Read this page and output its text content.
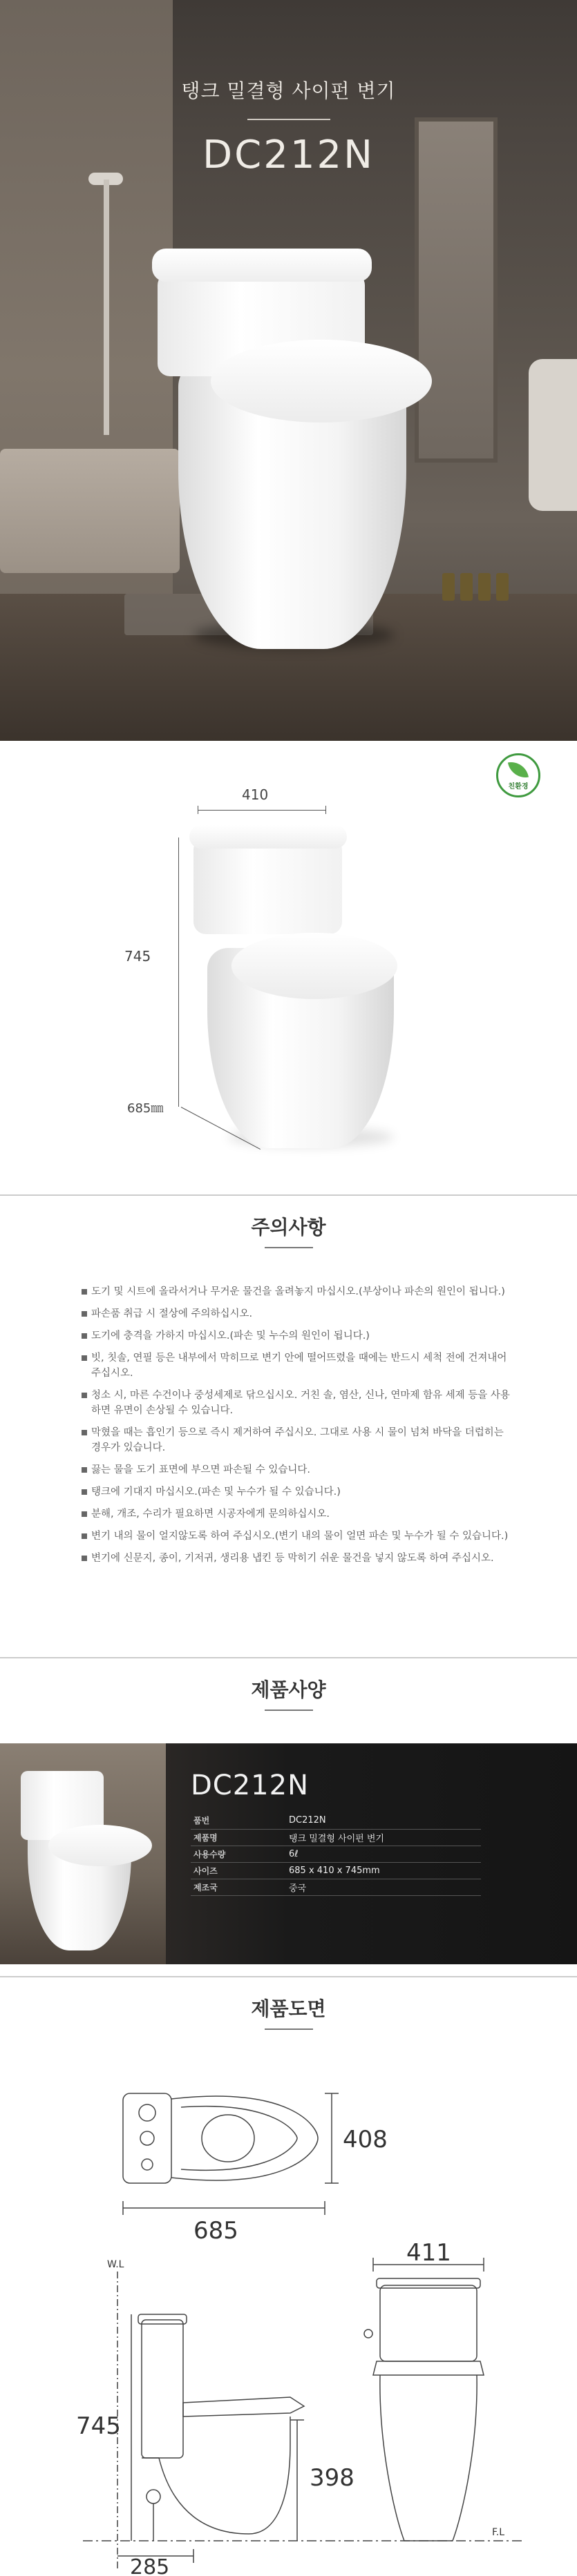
탱크 밀결형 사이펀 변기
DC212N
친환경
410
745
685㎜
주의사항
도기 및 시트에 올라서거나 무거운 물건을 올려놓지 마십시오.(부상이나 파손의 원인이 됩니다.)
파손품 취급 시 절상에 주의하십시오.
도기에 충격을 가하지 마십시오.(파손 및 누수의 원인이 됩니다.)
빗, 칫솔, 연필 등은 내부에서 막히므로 변기 안에 떨어뜨렸을 때에는 반드시 세척 전에 건져내어 주십시오.
청소 시, 마른 수건이나 중성세제로 닦으십시오. 거친 솔, 염산, 신나, 연마제 함유 세제 등을 사용하면 유면이 손상될 수 있습니다.
막혔을 때는 흡인기 등으로 즉시 제거하여 주십시오. 그대로 사용 시 물이 넘쳐 바닥을 더럽히는 경우가 있습니다.
끓는 물을 도기 표면에 부으면 파손될 수 있습니다.
탱크에 기대지 마십시오.(파손 및 누수가 될 수 있습니다.)
분해, 개조, 수리가 필요하면 시공자에게 문의하십시오.
변기 내의 물이 얼지않도록 하여 주십시오.(변기 내의 물이 얼면 파손 및 누수가 될 수 있습니다.)
변기에 신문지, 종이, 기저귀, 생리용 냅킨 등 막히기 쉬운 물건을 넣지 않도록 하여 주십시오.
제품사양
DC212N
품번	DC212N
제품명	탱크 밀결형 사이펀 변기
사용수량	6ℓ
사이즈	685 x 410 x 745mm
제조국	중국
제품도면
408
685
W.L
745
398
285
411
F.L
